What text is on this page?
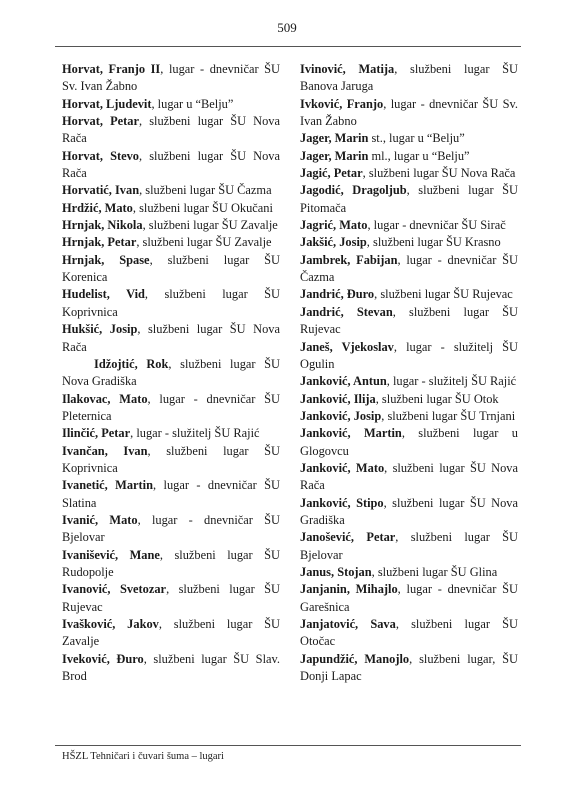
509
Horvat, Franjo II, lugar - dnevničar ŠU Sv. Ivan Žabno
Horvat, Ljudevit, lugar u “Belju”
Horvat, Petar, službeni lugar ŠU Nova Rača
Horvat, Stevo, službeni lugar ŠU Nova Rača
Horvatić, Ivan, službeni lugar ŠU Čazma
Hrdžić, Mato, službeni lugar ŠU Okučani
Hrnjak, Nikola, službeni lugar ŠU Zavalje
Hrnjak, Petar, službeni lugar ŠU Zavalje
Hrnjak, Spase, službeni lugar ŠU Korenica
Hudelist, Vid, službeni lugar ŠU Koprivnica
Hukšić, Josip, službeni lugar ŠU Nova Rača
Idžojtić, Rok, službeni lugar ŠU Nova Gradiška
Ilakovac, Mato, lugar - dnevničar ŠU Pleternica
Ilinčić, Petar, lugar - služitelj ŠU Rajić
Ivančan, Ivan, službeni lugar ŠU Koprivnica
Ivanetić, Martin, lugar - dnevničar ŠU Slatina
Ivanić, Mato, lugar - dnevničar ŠU Bjelovar
Ivanišević, Mane, službeni lugar ŠU Rudopolje
Ivanović, Svetozar, službeni lugar ŠU Rujevac
Ivašković, Jakov, službeni lugar ŠU Zavalje
Iveković, Đuro, službeni lugar ŠU Slav. Brod
Ivinović, Matija, službeni lugar ŠU Banova Jaruga
Ivković, Franjo, lugar - dnevničar ŠU Sv. Ivan Žabno
Jager, Marin st., lugar u “Belju”
Jager, Marin ml., lugar u “Belju”
Jagić, Petar, službeni lugar ŠU Nova Rača
Jagodić, Dragoljub, službeni lugar ŠU Pitomača
Jagrić, Mato, lugar - dnevničar ŠU Sirač
Jakšić, Josip, službeni lugar ŠU Krasno
Jambrek, Fabijan, lugar - dnevničar ŠU Čazma
Jandrić, Đuro, službeni lugar ŠU Rujevac
Jandrić, Stevan, službeni lugar ŠU Rujevac
Janeš, Vjekoslav, lugar - služitelj ŠU Ogulin
Janković, Antun, lugar - služitelj ŠU Rajić
Janković, Ilija, službeni lugar ŠU Otok
Janković, Josip, službeni lugar ŠU Trnjani
Janković, Martin, službeni lugar u Glogovcu
Janković, Mato, službeni lugar ŠU Nova Rača
Janković, Stipo, službeni lugar ŠU Nova Gradiška
Janošević, Petar, službeni lugar ŠU Bjelovar
Janus, Stojan, službeni lugar ŠU Glina
Janjanin, Mihajlo, lugar - dnevničar ŠU Garešnica
Janjatović, Sava, službeni lugar ŠU Otočac
Japundžić, Manojlo, službeni lugar, ŠU Donji Lapac
HŠZL Tehničari i čuvari šuma – lugari
